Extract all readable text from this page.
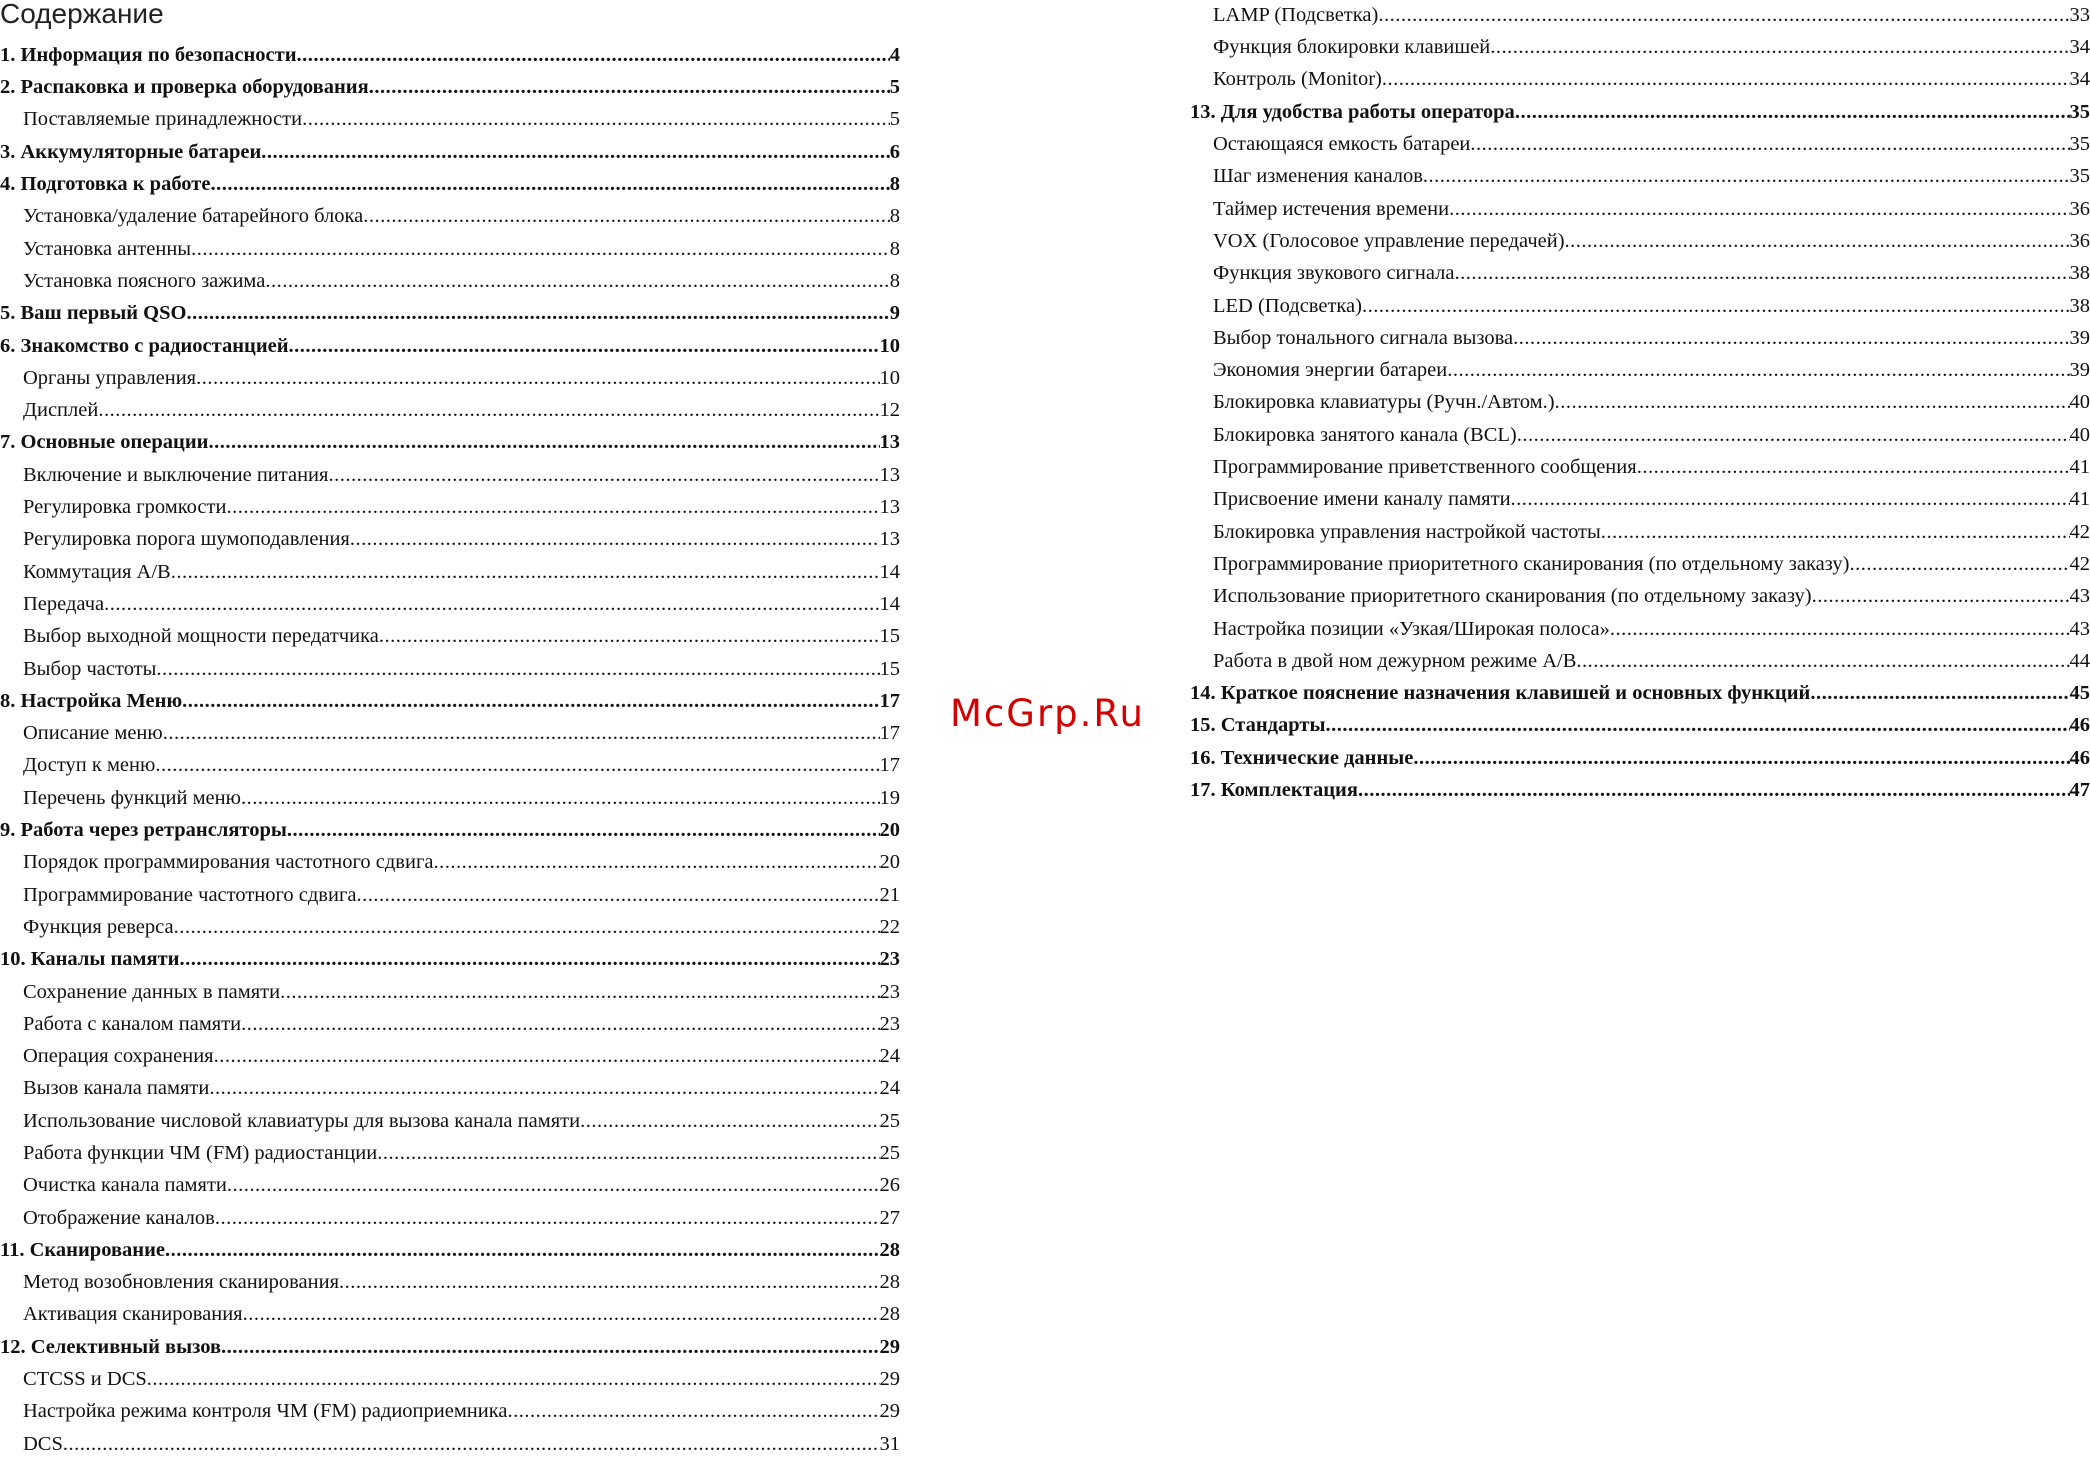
Содержание
1. Информация по безопасности .....	4
2. Распаковка и проверка оборудования .....	5
Поставляемые принадлежности .....	5
3. Аккумуляторные батареи .....	6
4. Подготовка к работе .....	8
Установка/удаление батарейного блока .....	8
Установка антенны .....	8
Установка поясного зажима .....	8
5. Ваш первый QSO .....	9
6. Знакомство с радиостанцией .....	10
Органы управления .....	10
Дисплей .....	12
7. Основные операции .....	13
Включение и выключение питания .....	13
Регулировка громкости .....	13
Регулировка порога шумоподавления .....	13
Коммутация A/B .....	14
Передача .....	14
Выбор выходной мощности передатчика .....	15
Выбор частоты .....	15
8. Настройка Меню .....	17
Описание меню .....	17
Доступ к меню .....	17
Перечень функций меню .....	19
9. Работа через ретрансляторы .....	20
Порядок программирования частотного сдвига .....	20
Программирование частотного сдвига .....	21
Функция реверса .....	22
10. Каналы памяти .....	23
Сохранение данных в памяти .....	23
Работа с каналом памяти .....	23
Операция сохранения .....	24
Вызов канала памяти .....	24
Использование числовой клавиатуры для вызова канала памяти .....	25
Работа функции ЧМ (FM) радиостанции .....	25
Очистка канала памяти .....	26
Отображение каналов .....	27
11. Сканирование .....	28
Метод возобновления сканирования .....	28
Активация сканирования .....	28
12. Селективный вызов .....	29
CTCSS и DCS .....	29
Настройка режима контроля ЧМ (FM) радиоприемника .....	29
DCS .....	31
LAMP (Подсветка) .....	33
Функция блокировки клавишей .....	34
Контроль (Monitor) .....	34
13. Для удобства работы оператора .....	35
Остающаяся емкость батареи .....	35
Шаг изменения каналов .....	35
Таймер истечения времени .....	36
VOX (Голосовое управление передачей) .....	36
Функция звукового сигнала .....	38
LED (Подсветка) .....	38
Выбор тонального сигнала вызова .....	39
Экономия энергии батареи .....	39
Блокировка клавиатуры (Ручн./Автом.) .....	40
Блокировка занятого канала (BCL) .....	40
Программирование приветственного сообщения .....	41
Присвоение имени каналу памяти .....	41
Блокировка управления настройкой частоты .....	42
Программирование приоритетного сканирования (по отдельному заказу) .....	42
Использование приоритетного сканирования (по отдельному заказу) .....	43
Настройка позиции «Узкая/Широкая полоса» .....	43
Работа в двой ном дежурном режиме A/B .....	44
14. Краткое пояснение назначения клавишей и основных функций .....	45
15. Стандарты .....	46
16. Технические данные .....	46
17. Комплектация .....	47
McGrp.Ru
